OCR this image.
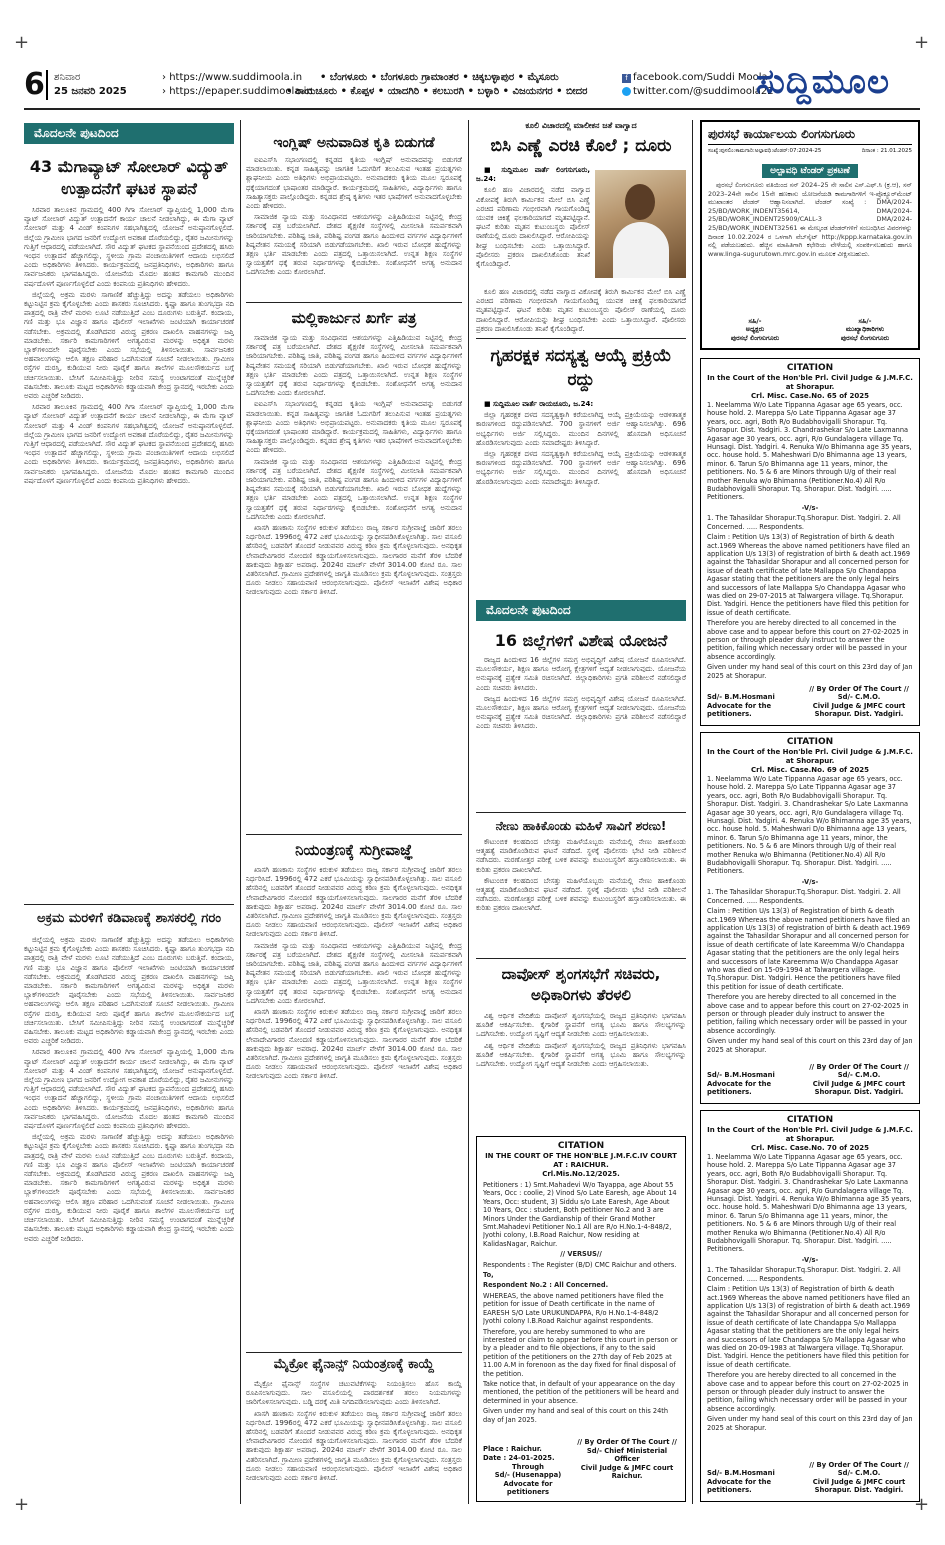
+	+
+	+
6 ಶನಿವಾರ
25 ಜನವರಿ 2025
› https://www.suddimoola.in
› https://epaper.suddimoola.in
• ಬೆಂಗಳೂರು • ಬೆಂಗಳೂರು ಗ್ರಾಮಾಂತರ • ಚಿಕ್ಕಬಳ್ಳಾಪುರ • ಮೈಸೂರು
• ರಾಯಚೂರು • ಕೊಪ್ಪಳ • ಯಾದಗಿರಿ • ಕಲಬುರಗಿ • ಬಳ್ಳಾರಿ • ವಿಜಯನಗರ • ಬೀದರ
f facebook.com/Suddi Moola
twitter.com/@suddimoola22
ಸುದ್ದಿಮೂಲ
ಮೊದಲನೇ ಪುಟದಿಂದ
43 ಮೆಗಾವ್ಯಾಟ್ ಸೋಲಾರ್ ವಿದ್ಯುತ್ ಉತ್ಪಾದನೆಗೆ ಘಟಕ ಸ್ಥಾಪನೆ

ಸಿರವಾರ ತಾಲೂಕಿನ ಗ್ರಾಮದಲ್ಲಿ 400 ಗಿಗಾ ಸೋಲಾರ್ ವ್ಯಾಪ್ತಿಯಲ್ಲಿ 1,000 ಮೆಗಾ ವ್ಯಾಟ್ ಸೋಲಾರ್ ವಿದ್ಯುತ್ ಉತ್ಪಾದನೆಗೆ ಕಾರ್ಯ ಚಾಲನೆ ನೀಡಲಾಗಿದ್ದು, ಈ ಮೆಗಾ ವ್ಯಾಟ್ ಸೋಲಾರ್ ಮತ್ತು 4 ವಿಂಡ್ ಕಂಪನಿಗಳ ಸಹಭಾಗಿತ್ವದಲ್ಲಿ ಯೋಜನೆ ಅನುಷ್ಠಾನಗೊಳ್ಳಲಿದೆ. ಜಿಲ್ಲೆಯ ಗ್ರಾಮೀಣ ಭಾಗದ ಜನರಿಗೆ ಉದ್ಯೋಗ ಅವಕಾಶ ದೊರೆಯಲಿದ್ದು, ರೈತರ ಜಮೀನುಗಳನ್ನು ಗುತ್ತಿಗೆ ಆಧಾರದಲ್ಲಿ ಪಡೆಯಲಾಗಿದೆ. ಸೌರ ವಿದ್ಯುತ್ ಘಟಕದ ಸ್ಥಾಪನೆಯಿಂದ ಪ್ರದೇಶದಲ್ಲಿ ಹಸಿರು ಇಂಧನ ಉತ್ಪಾದನೆ ಹೆಚ್ಚಾಗಲಿದ್ದು, ಸ್ಥಳೀಯ ಗ್ರಾಮ ಪಂಚಾಯಿತಿಗಳಿಗೆ ಆದಾಯ ಲಭಿಸಲಿದೆ ಎಂದು ಅಧಿಕಾರಿಗಳು ತಿಳಿಸಿದರು. ಕಾರ್ಯಕ್ರಮದಲ್ಲಿ ಜನಪ್ರತಿನಿಧಿಗಳು, ಅಧಿಕಾರಿಗಳು ಹಾಗೂ ಸಾರ್ವಜನಿಕರು ಭಾಗವಹಿಸಿದ್ದರು. ಯೋಜನೆಯ ಮೊದಲ ಹಂತದ ಕಾಮಗಾರಿ ಮುಂದಿನ ವರ್ಷದೊಳಗೆ ಪೂರ್ಣಗೊಳ್ಳಲಿದೆ ಎಂದು ಕಂಪನಿಯ ಪ್ರತಿನಿಧಿಗಳು ಹೇಳಿದರು.

ಜಿಲ್ಲೆಯಲ್ಲಿ ಅಕ್ರಮ ಮರಳು ಸಾಗಾಣಿಕೆ ಹೆಚ್ಚುತ್ತಿದ್ದು ಅದನ್ನು ತಡೆಯಲು ಅಧಿಕಾರಿಗಳು ಕಟ್ಟುನಿಟ್ಟಿನ ಕ್ರಮ ಕೈಗೊಳ್ಳಬೇಕು ಎಂದು ಶಾಸಕರು ಸೂಚಿಸಿದರು. ಕೃಷ್ಣಾ ಹಾಗೂ ತುಂಗಭದ್ರಾ ನದಿ ಪಾತ್ರದಲ್ಲಿ ರಾತ್ರಿ ವೇಳೆ ಮರಳು ಲೂಟಿ ನಡೆಯುತ್ತಿದೆ ಎಂಬ ದೂರುಗಳು ಬರುತ್ತಿವೆ. ಕಂದಾಯ, ಗಣಿ ಮತ್ತು ಭೂ ವಿಜ್ಞಾನ ಹಾಗೂ ಪೊಲೀಸ್ ಇಲಾಖೆಗಳು ಜಂಟಿಯಾಗಿ ಕಾರ್ಯಾಚರಣೆ ನಡೆಸಬೇಕು. ಅಕ್ರಮದಲ್ಲಿ ತೊಡಗಿದವರ ವಿರುದ್ಧ ಪ್ರಕರಣ ದಾಖಲಿಸಿ ವಾಹನಗಳನ್ನು ಜಪ್ತಿ ಮಾಡಬೇಕು. ಸರ್ಕಾರಿ ಕಾಮಗಾರಿಗಳಿಗೆ ಅಗತ್ಯವಿರುವ ಮರಳನ್ನು ಅಧಿಕೃತ ಮರಳು ಬ್ಲಾಕ್‌ಗಳಿಂದಲೇ ಪೂರೈಸಬೇಕು ಎಂದು ಸಭೆಯಲ್ಲಿ ತಿಳಿಸಲಾಯಿತು. ಸಾರ್ವಜನಿಕರ ಅಹವಾಲುಗಳನ್ನು ಆಲಿಸಿ ತಕ್ಷಣ ಪರಿಹಾರ ಒದಗಿಸುವಂತೆ ಸೂಚನೆ ನೀಡಲಾಯಿತು. ಗ್ರಾಮೀಣ ರಸ್ತೆಗಳ ದುರಸ್ತಿ, ಕುಡಿಯುವ ನೀರು ಪೂರೈಕೆ ಹಾಗೂ ಶಾಲೆಗಳ ಮೂಲಸೌಕರ್ಯದ ಬಗ್ಗೆ ಚರ್ಚಿಸಲಾಯಿತು. ಬೇಸಿಗೆ ಸಮೀಪಿಸುತ್ತಿದ್ದು ನೀರಿನ ಸಮಸ್ಯೆ ಉಂಟಾಗದಂತೆ ಮುನ್ನೆಚ್ಚರಿಕೆ ವಹಿಸಬೇಕು. ತಾಲೂಕು ಮಟ್ಟದ ಅಧಿಕಾರಿಗಳು ಕಡ್ಡಾಯವಾಗಿ ಕೇಂದ್ರ ಸ್ಥಾನದಲ್ಲಿ ಇರಬೇಕು ಎಂದು ಅವರು ಎಚ್ಚರಿಕೆ ನೀಡಿದರು.

ಸಿರವಾರ ತಾಲೂಕಿನ ಗ್ರಾಮದಲ್ಲಿ 400 ಗಿಗಾ ಸೋಲಾರ್ ವ್ಯಾಪ್ತಿಯಲ್ಲಿ 1,000 ಮೆಗಾ ವ್ಯಾಟ್ ಸೋಲಾರ್ ವಿದ್ಯುತ್ ಉತ್ಪಾದನೆಗೆ ಕಾರ್ಯ ಚಾಲನೆ ನೀಡಲಾಗಿದ್ದು, ಈ ಮೆಗಾ ವ್ಯಾಟ್ ಸೋಲಾರ್ ಮತ್ತು 4 ವಿಂಡ್ ಕಂಪನಿಗಳ ಸಹಭಾಗಿತ್ವದಲ್ಲಿ ಯೋಜನೆ ಅನುಷ್ಠಾನಗೊಳ್ಳಲಿದೆ. ಜಿಲ್ಲೆಯ ಗ್ರಾಮೀಣ ಭಾಗದ ಜನರಿಗೆ ಉದ್ಯೋಗ ಅವಕಾಶ ದೊರೆಯಲಿದ್ದು, ರೈತರ ಜಮೀನುಗಳನ್ನು ಗುತ್ತಿಗೆ ಆಧಾರದಲ್ಲಿ ಪಡೆಯಲಾಗಿದೆ. ಸೌರ ವಿದ್ಯುತ್ ಘಟಕದ ಸ್ಥಾಪನೆಯಿಂದ ಪ್ರದೇಶದಲ್ಲಿ ಹಸಿರು ಇಂಧನ ಉತ್ಪಾದನೆ ಹೆಚ್ಚಾಗಲಿದ್ದು, ಸ್ಥಳೀಯ ಗ್ರಾಮ ಪಂಚಾಯಿತಿಗಳಿಗೆ ಆದಾಯ ಲಭಿಸಲಿದೆ ಎಂದು ಅಧಿಕಾರಿಗಳು ತಿಳಿಸಿದರು. ಕಾರ್ಯಕ್ರಮದಲ್ಲಿ ಜನಪ್ರತಿನಿಧಿಗಳು, ಅಧಿಕಾರಿಗಳು ಹಾಗೂ ಸಾರ್ವಜನಿಕರು ಭಾಗವಹಿಸಿದ್ದರು. ಯೋಜನೆಯ ಮೊದಲ ಹಂತದ ಕಾಮಗಾರಿ ಮುಂದಿನ ವರ್ಷದೊಳಗೆ ಪೂರ್ಣಗೊಳ್ಳಲಿದೆ ಎಂದು ಕಂಪನಿಯ ಪ್ರತಿನಿಧಿಗಳು ಹೇಳಿದರು.

ಅಕ್ರಮ ಮರಳಿಗೆ ಕಡಿವಾಣಕ್ಕೆ ಶಾಸಕರಲ್ಲಿ ಗರಂ

ಜಿಲ್ಲೆಯಲ್ಲಿ ಅಕ್ರಮ ಮರಳು ಸಾಗಾಣಿಕೆ ಹೆಚ್ಚುತ್ತಿದ್ದು ಅದನ್ನು ತಡೆಯಲು ಅಧಿಕಾರಿಗಳು ಕಟ್ಟುನಿಟ್ಟಿನ ಕ್ರಮ ಕೈಗೊಳ್ಳಬೇಕು ಎಂದು ಶಾಸಕರು ಸೂಚಿಸಿದರು. ಕೃಷ್ಣಾ ಹಾಗೂ ತುಂಗಭದ್ರಾ ನದಿ ಪಾತ್ರದಲ್ಲಿ ರಾತ್ರಿ ವೇಳೆ ಮರಳು ಲೂಟಿ ನಡೆಯುತ್ತಿದೆ ಎಂಬ ದೂರುಗಳು ಬರುತ್ತಿವೆ. ಕಂದಾಯ, ಗಣಿ ಮತ್ತು ಭೂ ವಿಜ್ಞಾನ ಹಾಗೂ ಪೊಲೀಸ್ ಇಲಾಖೆಗಳು ಜಂಟಿಯಾಗಿ ಕಾರ್ಯಾಚರಣೆ ನಡೆಸಬೇಕು. ಅಕ್ರಮದಲ್ಲಿ ತೊಡಗಿದವರ ವಿರುದ್ಧ ಪ್ರಕರಣ ದಾಖಲಿಸಿ ವಾಹನಗಳನ್ನು ಜಪ್ತಿ ಮಾಡಬೇಕು. ಸರ್ಕಾರಿ ಕಾಮಗಾರಿಗಳಿಗೆ ಅಗತ್ಯವಿರುವ ಮರಳನ್ನು ಅಧಿಕೃತ ಮರಳು ಬ್ಲಾಕ್‌ಗಳಿಂದಲೇ ಪೂರೈಸಬೇಕು ಎಂದು ಸಭೆಯಲ್ಲಿ ತಿಳಿಸಲಾಯಿತು. ಸಾರ್ವಜನಿಕರ ಅಹವಾಲುಗಳನ್ನು ಆಲಿಸಿ ತಕ್ಷಣ ಪರಿಹಾರ ಒದಗಿಸುವಂತೆ ಸೂಚನೆ ನೀಡಲಾಯಿತು. ಗ್ರಾಮೀಣ ರಸ್ತೆಗಳ ದುರಸ್ತಿ, ಕುಡಿಯುವ ನೀರು ಪೂರೈಕೆ ಹಾಗೂ ಶಾಲೆಗಳ ಮೂಲಸೌಕರ್ಯದ ಬಗ್ಗೆ ಚರ್ಚಿಸಲಾಯಿತು. ಬೇಸಿಗೆ ಸಮೀಪಿಸುತ್ತಿದ್ದು ನೀರಿನ ಸಮಸ್ಯೆ ಉಂಟಾಗದಂತೆ ಮುನ್ನೆಚ್ಚರಿಕೆ ವಹಿಸಬೇಕು. ತಾಲೂಕು ಮಟ್ಟದ ಅಧಿಕಾರಿಗಳು ಕಡ್ಡಾಯವಾಗಿ ಕೇಂದ್ರ ಸ್ಥಾನದಲ್ಲಿ ಇರಬೇಕು ಎಂದು ಅವರು ಎಚ್ಚರಿಕೆ ನೀಡಿದರು.

ಸಿರವಾರ ತಾಲೂಕಿನ ಗ್ರಾಮದಲ್ಲಿ 400 ಗಿಗಾ ಸೋಲಾರ್ ವ್ಯಾಪ್ತಿಯಲ್ಲಿ 1,000 ಮೆಗಾ ವ್ಯಾಟ್ ಸೋಲಾರ್ ವಿದ್ಯುತ್ ಉತ್ಪಾದನೆಗೆ ಕಾರ್ಯ ಚಾಲನೆ ನೀಡಲಾಗಿದ್ದು, ಈ ಮೆಗಾ ವ್ಯಾಟ್ ಸೋಲಾರ್ ಮತ್ತು 4 ವಿಂಡ್ ಕಂಪನಿಗಳ ಸಹಭಾಗಿತ್ವದಲ್ಲಿ ಯೋಜನೆ ಅನುಷ್ಠಾನಗೊಳ್ಳಲಿದೆ. ಜಿಲ್ಲೆಯ ಗ್ರಾಮೀಣ ಭಾಗದ ಜನರಿಗೆ ಉದ್ಯೋಗ ಅವಕಾಶ ದೊರೆಯಲಿದ್ದು, ರೈತರ ಜಮೀನುಗಳನ್ನು ಗುತ್ತಿಗೆ ಆಧಾರದಲ್ಲಿ ಪಡೆಯಲಾಗಿದೆ. ಸೌರ ವಿದ್ಯುತ್ ಘಟಕದ ಸ್ಥಾಪನೆಯಿಂದ ಪ್ರದೇಶದಲ್ಲಿ ಹಸಿರು ಇಂಧನ ಉತ್ಪಾದನೆ ಹೆಚ್ಚಾಗಲಿದ್ದು, ಸ್ಥಳೀಯ ಗ್ರಾಮ ಪಂಚಾಯಿತಿಗಳಿಗೆ ಆದಾಯ ಲಭಿಸಲಿದೆ ಎಂದು ಅಧಿಕಾರಿಗಳು ತಿಳಿಸಿದರು. ಕಾರ್ಯಕ್ರಮದಲ್ಲಿ ಜನಪ್ರತಿನಿಧಿಗಳು, ಅಧಿಕಾರಿಗಳು ಹಾಗೂ ಸಾರ್ವಜನಿಕರು ಭಾಗವಹಿಸಿದ್ದರು. ಯೋಜನೆಯ ಮೊದಲ ಹಂತದ ಕಾಮಗಾರಿ ಮುಂದಿನ ವರ್ಷದೊಳಗೆ ಪೂರ್ಣಗೊಳ್ಳಲಿದೆ ಎಂದು ಕಂಪನಿಯ ಪ್ರತಿನಿಧಿಗಳು ಹೇಳಿದರು.

ಜಿಲ್ಲೆಯಲ್ಲಿ ಅಕ್ರಮ ಮರಳು ಸಾಗಾಣಿಕೆ ಹೆಚ್ಚುತ್ತಿದ್ದು ಅದನ್ನು ತಡೆಯಲು ಅಧಿಕಾರಿಗಳು ಕಟ್ಟುನಿಟ್ಟಿನ ಕ್ರಮ ಕೈಗೊಳ್ಳಬೇಕು ಎಂದು ಶಾಸಕರು ಸೂಚಿಸಿದರು. ಕೃಷ್ಣಾ ಹಾಗೂ ತುಂಗಭದ್ರಾ ನದಿ ಪಾತ್ರದಲ್ಲಿ ರಾತ್ರಿ ವೇಳೆ ಮರಳು ಲೂಟಿ ನಡೆಯುತ್ತಿದೆ ಎಂಬ ದೂರುಗಳು ಬರುತ್ತಿವೆ. ಕಂದಾಯ, ಗಣಿ ಮತ್ತು ಭೂ ವಿಜ್ಞಾನ ಹಾಗೂ ಪೊಲೀಸ್ ಇಲಾಖೆಗಳು ಜಂಟಿಯಾಗಿ ಕಾರ್ಯಾಚರಣೆ ನಡೆಸಬೇಕು. ಅಕ್ರಮದಲ್ಲಿ ತೊಡಗಿದವರ ವಿರುದ್ಧ ಪ್ರಕರಣ ದಾಖಲಿಸಿ ವಾಹನಗಳನ್ನು ಜಪ್ತಿ ಮಾಡಬೇಕು. ಸರ್ಕಾರಿ ಕಾಮಗಾರಿಗಳಿಗೆ ಅಗತ್ಯವಿರುವ ಮರಳನ್ನು ಅಧಿಕೃತ ಮರಳು ಬ್ಲಾಕ್‌ಗಳಿಂದಲೇ ಪೂರೈಸಬೇಕು ಎಂದು ಸಭೆಯಲ್ಲಿ ತಿಳಿಸಲಾಯಿತು. ಸಾರ್ವಜನಿಕರ ಅಹವಾಲುಗಳನ್ನು ಆಲಿಸಿ ತಕ್ಷಣ ಪರಿಹಾರ ಒದಗಿಸುವಂತೆ ಸೂಚನೆ ನೀಡಲಾಯಿತು. ಗ್ರಾಮೀಣ ರಸ್ತೆಗಳ ದುರಸ್ತಿ, ಕುಡಿಯುವ ನೀರು ಪೂರೈಕೆ ಹಾಗೂ ಶಾಲೆಗಳ ಮೂಲಸೌಕರ್ಯದ ಬಗ್ಗೆ ಚರ್ಚಿಸಲಾಯಿತು. ಬೇಸಿಗೆ ಸಮೀಪಿಸುತ್ತಿದ್ದು ನೀರಿನ ಸಮಸ್ಯೆ ಉಂಟಾಗದಂತೆ ಮುನ್ನೆಚ್ಚರಿಕೆ ವಹಿಸಬೇಕು. ತಾಲೂಕು ಮಟ್ಟದ ಅಧಿಕಾರಿಗಳು ಕಡ್ಡಾಯವಾಗಿ ಕೇಂದ್ರ ಸ್ಥಾನದಲ್ಲಿ ಇರಬೇಕು ಎಂದು ಅವರು ಎಚ್ಚರಿಕೆ ನೀಡಿದರು.

ಇಂಗ್ಲಿಷ್ ಅನುವಾದಿತ ಕೃತಿ ಬಿಡುಗಡೆ

ಐಐಎಸ್‌ಸಿ ಸಭಾಂಗಣದಲ್ಲಿ ಕನ್ನಡದ ಕೃತಿಯ ಇಂಗ್ಲಿಷ್ ಅನುವಾದವನ್ನು ಬಿಡುಗಡೆ ಮಾಡಲಾಯಿತು. ಕನ್ನಡ ಸಾಹಿತ್ಯವನ್ನು ಜಾಗತಿಕ ಓದುಗರಿಗೆ ತಲುಪಿಸುವ ಇಂತಹ ಪ್ರಯತ್ನಗಳು ಶ್ಲಾಘನೀಯ ಎಂದು ಅತಿಥಿಗಳು ಅಭಿಪ್ರಾಯಪಟ್ಟರು. ಅನುವಾದಕರು ಕೃತಿಯ ಮೂಲ ಸ್ವರೂಪಕ್ಕೆ ಧಕ್ಕೆಯಾಗದಂತೆ ಭಾಷಾಂತರ ಮಾಡಿದ್ದಾರೆ. ಕಾರ್ಯಕ್ರಮದಲ್ಲಿ ಸಾಹಿತಿಗಳು, ವಿದ್ಯಾರ್ಥಿಗಳು ಹಾಗೂ ಸಾಹಿತ್ಯಾಸಕ್ತರು ಪಾಲ್ಗೊಂಡಿದ್ದರು. ಕನ್ನಡದ ಶ್ರೇಷ್ಠ ಕೃತಿಗಳು ಇತರ ಭಾಷೆಗಳಿಗೆ ಅನುವಾದಗೊಳ್ಳಬೇಕು ಎಂದು ಹೇಳಿದರು.

ಸಾಮಾಜಿಕ ನ್ಯಾಯ ಮತ್ತು ಸಂವಿಧಾನದ ಆಶಯಗಳನ್ನು ಎತ್ತಿಹಿಡಿಯುವ ನಿಟ್ಟಿನಲ್ಲಿ ಕೇಂದ್ರ ಸರ್ಕಾರಕ್ಕೆ ಪತ್ರ ಬರೆಯಲಾಗಿದೆ. ದೇಶದ ಶೈಕ್ಷಣಿಕ ಸಂಸ್ಥೆಗಳಲ್ಲಿ ಮೀಸಲಾತಿ ಸಮರ್ಪಕವಾಗಿ ಜಾರಿಯಾಗಬೇಕು. ಪರಿಶಿಷ್ಟ ಜಾತಿ, ಪರಿಶಿಷ್ಟ ಪಂಗಡ ಹಾಗೂ ಹಿಂದುಳಿದ ವರ್ಗಗಳ ವಿದ್ಯಾರ್ಥಿಗಳಿಗೆ ಶಿಷ್ಯವೇತನ ಸಮಯಕ್ಕೆ ಸರಿಯಾಗಿ ಬಿಡುಗಡೆಯಾಗಬೇಕು. ಖಾಲಿ ಇರುವ ಬೋಧಕ ಹುದ್ದೆಗಳನ್ನು ತಕ್ಷಣ ಭರ್ತಿ ಮಾಡಬೇಕು ಎಂದು ಪತ್ರದಲ್ಲಿ ಒತ್ತಾಯಿಸಲಾಗಿದೆ. ಉನ್ನತ ಶಿಕ್ಷಣ ಸಂಸ್ಥೆಗಳ ಸ್ವಾಯತ್ತತೆಗೆ ಧಕ್ಕೆ ತರುವ ನಿರ್ಧಾರಗಳನ್ನು ಕೈಬಿಡಬೇಕು. ಸಂಶೋಧನೆಗೆ ಅಗತ್ಯ ಅನುದಾನ ಒದಗಿಸಬೇಕು ಎಂದು ಕೋರಲಾಗಿದೆ.

ಮಲ್ಲಿಕಾರ್ಜುನ ಖರ್ಗೆ ಪತ್ರ

ಸಾಮಾಜಿಕ ನ್ಯಾಯ ಮತ್ತು ಸಂವಿಧಾನದ ಆಶಯಗಳನ್ನು ಎತ್ತಿಹಿಡಿಯುವ ನಿಟ್ಟಿನಲ್ಲಿ ಕೇಂದ್ರ ಸರ್ಕಾರಕ್ಕೆ ಪತ್ರ ಬರೆಯಲಾಗಿದೆ. ದೇಶದ ಶೈಕ್ಷಣಿಕ ಸಂಸ್ಥೆಗಳಲ್ಲಿ ಮೀಸಲಾತಿ ಸಮರ್ಪಕವಾಗಿ ಜಾರಿಯಾಗಬೇಕು. ಪರಿಶಿಷ್ಟ ಜಾತಿ, ಪರಿಶಿಷ್ಟ ಪಂಗಡ ಹಾಗೂ ಹಿಂದುಳಿದ ವರ್ಗಗಳ ವಿದ್ಯಾರ್ಥಿಗಳಿಗೆ ಶಿಷ್ಯವೇತನ ಸಮಯಕ್ಕೆ ಸರಿಯಾಗಿ ಬಿಡುಗಡೆಯಾಗಬೇಕು. ಖಾಲಿ ಇರುವ ಬೋಧಕ ಹುದ್ದೆಗಳನ್ನು ತಕ್ಷಣ ಭರ್ತಿ ಮಾಡಬೇಕು ಎಂದು ಪತ್ರದಲ್ಲಿ ಒತ್ತಾಯಿಸಲಾಗಿದೆ. ಉನ್ನತ ಶಿಕ್ಷಣ ಸಂಸ್ಥೆಗಳ ಸ್ವಾಯತ್ತತೆಗೆ ಧಕ್ಕೆ ತರುವ ನಿರ್ಧಾರಗಳನ್ನು ಕೈಬಿಡಬೇಕು. ಸಂಶೋಧನೆಗೆ ಅಗತ್ಯ ಅನುದಾನ ಒದಗಿಸಬೇಕು ಎಂದು ಕೋರಲಾಗಿದೆ.

ಐಐಎಸ್‌ಸಿ ಸಭಾಂಗಣದಲ್ಲಿ ಕನ್ನಡದ ಕೃತಿಯ ಇಂಗ್ಲಿಷ್ ಅನುವಾದವನ್ನು ಬಿಡುಗಡೆ ಮಾಡಲಾಯಿತು. ಕನ್ನಡ ಸಾಹಿತ್ಯವನ್ನು ಜಾಗತಿಕ ಓದುಗರಿಗೆ ತಲುಪಿಸುವ ಇಂತಹ ಪ್ರಯತ್ನಗಳು ಶ್ಲಾಘನೀಯ ಎಂದು ಅತಿಥಿಗಳು ಅಭಿಪ್ರಾಯಪಟ್ಟರು. ಅನುವಾದಕರು ಕೃತಿಯ ಮೂಲ ಸ್ವರೂಪಕ್ಕೆ ಧಕ್ಕೆಯಾಗದಂತೆ ಭಾಷಾಂತರ ಮಾಡಿದ್ದಾರೆ. ಕಾರ್ಯಕ್ರಮದಲ್ಲಿ ಸಾಹಿತಿಗಳು, ವಿದ್ಯಾರ್ಥಿಗಳು ಹಾಗೂ ಸಾಹಿತ್ಯಾಸಕ್ತರು ಪಾಲ್ಗೊಂಡಿದ್ದರು. ಕನ್ನಡದ ಶ್ರೇಷ್ಠ ಕೃತಿಗಳು ಇತರ ಭಾಷೆಗಳಿಗೆ ಅನುವಾದಗೊಳ್ಳಬೇಕು ಎಂದು ಹೇಳಿದರು.

ಸಾಮಾಜಿಕ ನ್ಯಾಯ ಮತ್ತು ಸಂವಿಧಾನದ ಆಶಯಗಳನ್ನು ಎತ್ತಿಹಿಡಿಯುವ ನಿಟ್ಟಿನಲ್ಲಿ ಕೇಂದ್ರ ಸರ್ಕಾರಕ್ಕೆ ಪತ್ರ ಬರೆಯಲಾಗಿದೆ. ದೇಶದ ಶೈಕ್ಷಣಿಕ ಸಂಸ್ಥೆಗಳಲ್ಲಿ ಮೀಸಲಾತಿ ಸಮರ್ಪಕವಾಗಿ ಜಾರಿಯಾಗಬೇಕು. ಪರಿಶಿಷ್ಟ ಜಾತಿ, ಪರಿಶಿಷ್ಟ ಪಂಗಡ ಹಾಗೂ ಹಿಂದುಳಿದ ವರ್ಗಗಳ ವಿದ್ಯಾರ್ಥಿಗಳಿಗೆ ಶಿಷ್ಯವೇತನ ಸಮಯಕ್ಕೆ ಸರಿಯಾಗಿ ಬಿಡುಗಡೆಯಾಗಬೇಕು. ಖಾಲಿ ಇರುವ ಬೋಧಕ ಹುದ್ದೆಗಳನ್ನು ತಕ್ಷಣ ಭರ್ತಿ ಮಾಡಬೇಕು ಎಂದು ಪತ್ರದಲ್ಲಿ ಒತ್ತಾಯಿಸಲಾಗಿದೆ. ಉನ್ನತ ಶಿಕ್ಷಣ ಸಂಸ್ಥೆಗಳ ಸ್ವಾಯತ್ತತೆಗೆ ಧಕ್ಕೆ ತರುವ ನಿರ್ಧಾರಗಳನ್ನು ಕೈಬಿಡಬೇಕು. ಸಂಶೋಧನೆಗೆ ಅಗತ್ಯ ಅನುದಾನ ಒದಗಿಸಬೇಕು ಎಂದು ಕೋರಲಾಗಿದೆ.

ಖಾಸಗಿ ಹಣಕಾಸು ಸಂಸ್ಥೆಗಳ ಕಿರುಕುಳ ತಡೆಯಲು ರಾಜ್ಯ ಸರ್ಕಾರ ಸುಗ್ರೀವಾಜ್ಞೆ ಜಾರಿಗೆ ತರಲು ನಿರ್ಧರಿಸಿದೆ. 1996ರಲ್ಲಿ 472 ಎಕರೆ ಭೂಮಿಯನ್ನು ಸ್ವಾಧೀನಪಡಿಸಿಕೊಳ್ಳಲಾಗಿತ್ತು. ಸಾಲ ವಸೂಲಿ ಹೆಸರಿನಲ್ಲಿ ಬಡವರಿಗೆ ತೊಂದರೆ ನೀಡುವವರ ವಿರುದ್ಧ ಕಠಿಣ ಕ್ರಮ ಕೈಗೊಳ್ಳಲಾಗುವುದು. ಅನಧಿಕೃತ ಲೇವಾದೇವಿಗಾರರ ನೋಂದಣಿ ಕಡ್ಡಾಯಗೊಳಿಸಲಾಗುವುದು. ಸಾಲಗಾರರ ಮನೆಗೆ ತೆರಳಿ ಬೆದರಿಕೆ ಹಾಕುವುದು ಶಿಕ್ಷಾರ್ಹ ಅಪರಾಧ. 2024ರ ಮಾರ್ಚ್ ವೇಳೆಗೆ 3014.00 ಕೋಟಿ ರೂ. ಸಾಲ ವಿತರಿಸಲಾಗಿದೆ. ಗ್ರಾಮೀಣ ಪ್ರದೇಶಗಳಲ್ಲಿ ಜಾಗೃತಿ ಮೂಡಿಸಲು ಕ್ರಮ ಕೈಗೊಳ್ಳಲಾಗುವುದು. ಸಂತ್ರಸ್ತರು ದೂರು ನೀಡಲು ಸಹಾಯವಾಣಿ ಆರಂಭಿಸಲಾಗುವುದು. ಪೊಲೀಸ್ ಇಲಾಖೆಗೆ ವಿಶೇಷ ಅಧಿಕಾರ ನೀಡಲಾಗುವುದು ಎಂದು ಸರ್ಕಾರ ತಿಳಿಸಿದೆ.

ನಿಯಂತ್ರಣಕ್ಕೆ ಸುಗ್ರೀವಾಜ್ಞೆ

ಖಾಸಗಿ ಹಣಕಾಸು ಸಂಸ್ಥೆಗಳ ಕಿರುಕುಳ ತಡೆಯಲು ರಾಜ್ಯ ಸರ್ಕಾರ ಸುಗ್ರೀವಾಜ್ಞೆ ಜಾರಿಗೆ ತರಲು ನಿರ್ಧರಿಸಿದೆ. 1996ರಲ್ಲಿ 472 ಎಕರೆ ಭೂಮಿಯನ್ನು ಸ್ವಾಧೀನಪಡಿಸಿಕೊಳ್ಳಲಾಗಿತ್ತು. ಸಾಲ ವಸೂಲಿ ಹೆಸರಿನಲ್ಲಿ ಬಡವರಿಗೆ ತೊಂದರೆ ನೀಡುವವರ ವಿರುದ್ಧ ಕಠಿಣ ಕ್ರಮ ಕೈಗೊಳ್ಳಲಾಗುವುದು. ಅನಧಿಕೃತ ಲೇವಾದೇವಿಗಾರರ ನೋಂದಣಿ ಕಡ್ಡಾಯಗೊಳಿಸಲಾಗುವುದು. ಸಾಲಗಾರರ ಮನೆಗೆ ತೆರಳಿ ಬೆದರಿಕೆ ಹಾಕುವುದು ಶಿಕ್ಷಾರ್ಹ ಅಪರಾಧ. 2024ರ ಮಾರ್ಚ್ ವೇಳೆಗೆ 3014.00 ಕೋಟಿ ರೂ. ಸಾಲ ವಿತರಿಸಲಾಗಿದೆ. ಗ್ರಾಮೀಣ ಪ್ರದೇಶಗಳಲ್ಲಿ ಜಾಗೃತಿ ಮೂಡಿಸಲು ಕ್ರಮ ಕೈಗೊಳ್ಳಲಾಗುವುದು. ಸಂತ್ರಸ್ತರು ದೂರು ನೀಡಲು ಸಹಾಯವಾಣಿ ಆರಂಭಿಸಲಾಗುವುದು. ಪೊಲೀಸ್ ಇಲಾಖೆಗೆ ವಿಶೇಷ ಅಧಿಕಾರ ನೀಡಲಾಗುವುದು ಎಂದು ಸರ್ಕಾರ ತಿಳಿಸಿದೆ.

ಸಾಮಾಜಿಕ ನ್ಯಾಯ ಮತ್ತು ಸಂವಿಧಾನದ ಆಶಯಗಳನ್ನು ಎತ್ತಿಹಿಡಿಯುವ ನಿಟ್ಟಿನಲ್ಲಿ ಕೇಂದ್ರ ಸರ್ಕಾರಕ್ಕೆ ಪತ್ರ ಬರೆಯಲಾಗಿದೆ. ದೇಶದ ಶೈಕ್ಷಣಿಕ ಸಂಸ್ಥೆಗಳಲ್ಲಿ ಮೀಸಲಾತಿ ಸಮರ್ಪಕವಾಗಿ ಜಾರಿಯಾಗಬೇಕು. ಪರಿಶಿಷ್ಟ ಜಾತಿ, ಪರಿಶಿಷ್ಟ ಪಂಗಡ ಹಾಗೂ ಹಿಂದುಳಿದ ವರ್ಗಗಳ ವಿದ್ಯಾರ್ಥಿಗಳಿಗೆ ಶಿಷ್ಯವೇತನ ಸಮಯಕ್ಕೆ ಸರಿಯಾಗಿ ಬಿಡುಗಡೆಯಾಗಬೇಕು. ಖಾಲಿ ಇರುವ ಬೋಧಕ ಹುದ್ದೆಗಳನ್ನು ತಕ್ಷಣ ಭರ್ತಿ ಮಾಡಬೇಕು ಎಂದು ಪತ್ರದಲ್ಲಿ ಒತ್ತಾಯಿಸಲಾಗಿದೆ. ಉನ್ನತ ಶಿಕ್ಷಣ ಸಂಸ್ಥೆಗಳ ಸ್ವಾಯತ್ತತೆಗೆ ಧಕ್ಕೆ ತರುವ ನಿರ್ಧಾರಗಳನ್ನು ಕೈಬಿಡಬೇಕು. ಸಂಶೋಧನೆಗೆ ಅಗತ್ಯ ಅನುದಾನ ಒದಗಿಸಬೇಕು ಎಂದು ಕೋರಲಾಗಿದೆ.

ಖಾಸಗಿ ಹಣಕಾಸು ಸಂಸ್ಥೆಗಳ ಕಿರುಕುಳ ತಡೆಯಲು ರಾಜ್ಯ ಸರ್ಕಾರ ಸುಗ್ರೀವಾಜ್ಞೆ ಜಾರಿಗೆ ತರಲು ನಿರ್ಧರಿಸಿದೆ. 1996ರಲ್ಲಿ 472 ಎಕರೆ ಭೂಮಿಯನ್ನು ಸ್ವಾಧೀನಪಡಿಸಿಕೊಳ್ಳಲಾಗಿತ್ತು. ಸಾಲ ವಸೂಲಿ ಹೆಸರಿನಲ್ಲಿ ಬಡವರಿಗೆ ತೊಂದರೆ ನೀಡುವವರ ವಿರುದ್ಧ ಕಠಿಣ ಕ್ರಮ ಕೈಗೊಳ್ಳಲಾಗುವುದು. ಅನಧಿಕೃತ ಲೇವಾದೇವಿಗಾರರ ನೋಂದಣಿ ಕಡ್ಡಾಯಗೊಳಿಸಲಾಗುವುದು. ಸಾಲಗಾರರ ಮನೆಗೆ ತೆರಳಿ ಬೆದರಿಕೆ ಹಾಕುವುದು ಶಿಕ್ಷಾರ್ಹ ಅಪರಾಧ. 2024ರ ಮಾರ್ಚ್ ವೇಳೆಗೆ 3014.00 ಕೋಟಿ ರೂ. ಸಾಲ ವಿತರಿಸಲಾಗಿದೆ. ಗ್ರಾಮೀಣ ಪ್ರದೇಶಗಳಲ್ಲಿ ಜಾಗೃತಿ ಮೂಡಿಸಲು ಕ್ರಮ ಕೈಗೊಳ್ಳಲಾಗುವುದು. ಸಂತ್ರಸ್ತರು ದೂರು ನೀಡಲು ಸಹಾಯವಾಣಿ ಆರಂಭಿಸಲಾಗುವುದು. ಪೊಲೀಸ್ ಇಲಾಖೆಗೆ ವಿಶೇಷ ಅಧಿಕಾರ ನೀಡಲಾಗುವುದು ಎಂದು ಸರ್ಕಾರ ತಿಳಿಸಿದೆ.

ಮೈಕ್ರೋ ಫೈನಾನ್ಸ್ ನಿಯಂತ್ರಣಕ್ಕೆ ಕಾಯ್ದೆ

ಮೈಕ್ರೋ ಫೈನಾನ್ಸ್ ಸಂಸ್ಥೆಗಳ ಚಟುವಟಿಕೆಗಳನ್ನು ನಿಯಂತ್ರಿಸಲು ಹೊಸ ಕಾಯ್ದೆ ರೂಪಿಸಲಾಗುವುದು. ಸಾಲ ವಸೂಲಿಯಲ್ಲಿ ಪಾರದರ್ಶಕತೆ ತರಲು ನಿಯಮಗಳನ್ನು ಜಾರಿಗೊಳಿಸಲಾಗುವುದು. ಬಡ್ಡಿ ದರಕ್ಕೆ ಮಿತಿ ನಿಗದಿಪಡಿಸಲಾಗುವುದು ಎಂದು ತಿಳಿಸಲಾಗಿದೆ.

ಖಾಸಗಿ ಹಣಕಾಸು ಸಂಸ್ಥೆಗಳ ಕಿರುಕುಳ ತಡೆಯಲು ರಾಜ್ಯ ಸರ್ಕಾರ ಸುಗ್ರೀವಾಜ್ಞೆ ಜಾರಿಗೆ ತರಲು ನಿರ್ಧರಿಸಿದೆ. 1996ರಲ್ಲಿ 472 ಎಕರೆ ಭೂಮಿಯನ್ನು ಸ್ವಾಧೀನಪಡಿಸಿಕೊಳ್ಳಲಾಗಿತ್ತು. ಸಾಲ ವಸೂಲಿ ಹೆಸರಿನಲ್ಲಿ ಬಡವರಿಗೆ ತೊಂದರೆ ನೀಡುವವರ ವಿರುದ್ಧ ಕಠಿಣ ಕ್ರಮ ಕೈಗೊಳ್ಳಲಾಗುವುದು. ಅನಧಿಕೃತ ಲೇವಾದೇವಿಗಾರರ ನೋಂದಣಿ ಕಡ್ಡಾಯಗೊಳಿಸಲಾಗುವುದು. ಸಾಲಗಾರರ ಮನೆಗೆ ತೆರಳಿ ಬೆದರಿಕೆ ಹಾಕುವುದು ಶಿಕ್ಷಾರ್ಹ ಅಪರಾಧ. 2024ರ ಮಾರ್ಚ್ ವೇಳೆಗೆ 3014.00 ಕೋಟಿ ರೂ. ಸಾಲ ವಿತರಿಸಲಾಗಿದೆ. ಗ್ರಾಮೀಣ ಪ್ರದೇಶಗಳಲ್ಲಿ ಜಾಗೃತಿ ಮೂಡಿಸಲು ಕ್ರಮ ಕೈಗೊಳ್ಳಲಾಗುವುದು. ಸಂತ್ರಸ್ತರು ದೂರು ನೀಡಲು ಸಹಾಯವಾಣಿ ಆರಂಭಿಸಲಾಗುವುದು. ಪೊಲೀಸ್ ಇಲಾಖೆಗೆ ವಿಶೇಷ ಅಧಿಕಾರ ನೀಡಲಾಗುವುದು ಎಂದು ಸರ್ಕಾರ ತಿಳಿಸಿದೆ.

ಕೂಲಿ ವಿಚಾರದಲ್ಲಿ ಮಾಲೀಕನ ಜತೆ ವಾಗ್ವಾದ
ಬಿಸಿ ಎಣ್ಣೆ ಎರಚಿ ಕೊಲೆ ; ದೂರು

■ ಸುದ್ದಿಮೂಲ ವಾರ್ತೆ ಲಿಂಗಸುಗೂರು, ಜ.24:

ಕೂಲಿ ಹಣ ವಿಚಾರದಲ್ಲಿ ನಡೆದ ವಾಗ್ವಾದ ವಿಕೋಪಕ್ಕೆ ತಿರುಗಿ ಕಾರ್ಮಿಕನ ಮೇಲೆ ಬಿಸಿ ಎಣ್ಣೆ ಎರಚಿದ ಪರಿಣಾಮ ಗಂಭೀರವಾಗಿ ಗಾಯಗೊಂಡಿದ್ದ ಯುವಕ ಚಿಕಿತ್ಸೆ ಫಲಕಾರಿಯಾಗದೆ ಮೃತಪಟ್ಟಿದ್ದಾನೆ. ಘಟನೆ ಕುರಿತು ಮೃತನ ಕುಟುಂಬಸ್ಥರು ಪೊಲೀಸ್ ಠಾಣೆಯಲ್ಲಿ ದೂರು ದಾಖಲಿಸಿದ್ದಾರೆ. ಆರೋಪಿಯನ್ನು ಶೀಘ್ರ ಬಂಧಿಸಬೇಕು ಎಂದು ಒತ್ತಾಯಿಸಿದ್ದಾರೆ. ಪೊಲೀಸರು ಪ್ರಕರಣ ದಾಖಲಿಸಿಕೊಂಡು ತನಿಖೆ ಕೈಗೊಂಡಿದ್ದಾರೆ.

ಕೂಲಿ ಹಣ ವಿಚಾರದಲ್ಲಿ ನಡೆದ ವಾಗ್ವಾದ ವಿಕೋಪಕ್ಕೆ ತಿರುಗಿ ಕಾರ್ಮಿಕನ ಮೇಲೆ ಬಿಸಿ ಎಣ್ಣೆ ಎರಚಿದ ಪರಿಣಾಮ ಗಂಭೀರವಾಗಿ ಗಾಯಗೊಂಡಿದ್ದ ಯುವಕ ಚಿಕಿತ್ಸೆ ಫಲಕಾರಿಯಾಗದೆ ಮೃತಪಟ್ಟಿದ್ದಾನೆ. ಘಟನೆ ಕುರಿತು ಮೃತನ ಕುಟುಂಬಸ್ಥರು ಪೊಲೀಸ್ ಠಾಣೆಯಲ್ಲಿ ದೂರು ದಾಖಲಿಸಿದ್ದಾರೆ. ಆರೋಪಿಯನ್ನು ಶೀಘ್ರ ಬಂಧಿಸಬೇಕು ಎಂದು ಒತ್ತಾಯಿಸಿದ್ದಾರೆ. ಪೊಲೀಸರು ಪ್ರಕರಣ ದಾಖಲಿಸಿಕೊಂಡು ತನಿಖೆ ಕೈಗೊಂಡಿದ್ದಾರೆ.

ಗೃಹರಕ್ಷಕ ಸದಸ್ಯತ್ವ ಆಯ್ಕೆ ಪ್ರಕ್ರಿಯೆ ರದ್ದು

■ ಸುದ್ದಿಮೂಲ ವಾರ್ತೆ ರಾಯಚೂರು, ಜ.24:

ಜಿಲ್ಲಾ ಗೃಹರಕ್ಷಕ ದಳದ ಸದಸ್ಯತ್ವಕ್ಕಾಗಿ ಕರೆಯಲಾಗಿದ್ದ ಆಯ್ಕೆ ಪ್ರಕ್ರಿಯೆಯನ್ನು ಆಡಳಿತಾತ್ಮಕ ಕಾರಣಗಳಿಂದ ರದ್ದುಪಡಿಸಲಾಗಿದೆ. 700 ಸ್ಥಾನಗಳಿಗೆ ಅರ್ಜಿ ಆಹ್ವಾನಿಸಲಾಗಿತ್ತು. 696 ಅಭ್ಯರ್ಥಿಗಳು ಅರ್ಜಿ ಸಲ್ಲಿಸಿದ್ದರು. ಮುಂದಿನ ದಿನಗಳಲ್ಲಿ ಹೊಸದಾಗಿ ಅಧಿಸೂಚನೆ ಹೊರಡಿಸಲಾಗುವುದು ಎಂದು ಸಮಾದೇಷ್ಟರು ತಿಳಿಸಿದ್ದಾರೆ.

ಜಿಲ್ಲಾ ಗೃಹರಕ್ಷಕ ದಳದ ಸದಸ್ಯತ್ವಕ್ಕಾಗಿ ಕರೆಯಲಾಗಿದ್ದ ಆಯ್ಕೆ ಪ್ರಕ್ರಿಯೆಯನ್ನು ಆಡಳಿತಾತ್ಮಕ ಕಾರಣಗಳಿಂದ ರದ್ದುಪಡಿಸಲಾಗಿದೆ. 700 ಸ್ಥಾನಗಳಿಗೆ ಅರ್ಜಿ ಆಹ್ವಾನಿಸಲಾಗಿತ್ತು. 696 ಅಭ್ಯರ್ಥಿಗಳು ಅರ್ಜಿ ಸಲ್ಲಿಸಿದ್ದರು. ಮುಂದಿನ ದಿನಗಳಲ್ಲಿ ಹೊಸದಾಗಿ ಅಧಿಸೂಚನೆ ಹೊರಡಿಸಲಾಗುವುದು ಎಂದು ಸಮಾದೇಷ್ಟರು ತಿಳಿಸಿದ್ದಾರೆ.

ಮೊದಲನೇ ಪುಟದಿಂದ
16 ಜಿಲ್ಲೆಗಳಿಗೆ ವಿಶೇಷ ಯೋಜನೆ

ರಾಜ್ಯದ ಹಿಂದುಳಿದ 16 ಜಿಲ್ಲೆಗಳ ಸಮಗ್ರ ಅಭಿವೃದ್ಧಿಗೆ ವಿಶೇಷ ಯೋಜನೆ ರೂಪಿಸಲಾಗಿದೆ. ಮೂಲಸೌಕರ್ಯ, ಶಿಕ್ಷಣ ಹಾಗೂ ಆರೋಗ್ಯ ಕ್ಷೇತ್ರಗಳಿಗೆ ಆದ್ಯತೆ ನೀಡಲಾಗುವುದು. ಯೋಜನೆಯ ಅನುಷ್ಠಾನಕ್ಕೆ ಪ್ರತ್ಯೇಕ ಸಮಿತಿ ರಚಿಸಲಾಗಿದೆ. ಜಿಲ್ಲಾಧಿಕಾರಿಗಳು ಪ್ರಗತಿ ಪರಿಶೀಲನೆ ನಡೆಸಲಿದ್ದಾರೆ ಎಂದು ಸಚಿವರು ತಿಳಿಸಿದರು.

ರಾಜ್ಯದ ಹಿಂದುಳಿದ 16 ಜಿಲ್ಲೆಗಳ ಸಮಗ್ರ ಅಭಿವೃದ್ಧಿಗೆ ವಿಶೇಷ ಯೋಜನೆ ರೂಪಿಸಲಾಗಿದೆ. ಮೂಲಸೌಕರ್ಯ, ಶಿಕ್ಷಣ ಹಾಗೂ ಆರೋಗ್ಯ ಕ್ಷೇತ್ರಗಳಿಗೆ ಆದ್ಯತೆ ನೀಡಲಾಗುವುದು. ಯೋಜನೆಯ ಅನುಷ್ಠಾನಕ್ಕೆ ಪ್ರತ್ಯೇಕ ಸಮಿತಿ ರಚಿಸಲಾಗಿದೆ. ಜಿಲ್ಲಾಧಿಕಾರಿಗಳು ಪ್ರಗತಿ ಪರಿಶೀಲನೆ ನಡೆಸಲಿದ್ದಾರೆ ಎಂದು ಸಚಿವರು ತಿಳಿಸಿದರು.

ನೇಣು ಹಾಕಿಕೊಂಡು ಮಹಿಳೆ ಸಾವಿಗೆ ಶರಣು!

ಕೌಟುಂಬಿಕ ಕಲಹದಿಂದ ಬೇಸತ್ತು ಮಹಿಳೆಯೊಬ್ಬರು ಮನೆಯಲ್ಲಿ ನೇಣು ಹಾಕಿಕೊಂಡು ಆತ್ಮಹತ್ಯೆ ಮಾಡಿಕೊಂಡಿರುವ ಘಟನೆ ನಡೆದಿದೆ. ಸ್ಥಳಕ್ಕೆ ಪೊಲೀಸರು ಭೇಟಿ ನೀಡಿ ಪರಿಶೀಲನೆ ನಡೆಸಿದರು. ಮರಣೋತ್ತರ ಪರೀಕ್ಷೆ ಬಳಿಕ ಶವವನ್ನು ಕುಟುಂಬಸ್ಥರಿಗೆ ಹಸ್ತಾಂತರಿಸಲಾಯಿತು. ಈ ಕುರಿತು ಪ್ರಕರಣ ದಾಖಲಾಗಿದೆ.

ಕೌಟುಂಬಿಕ ಕಲಹದಿಂದ ಬೇಸತ್ತು ಮಹಿಳೆಯೊಬ್ಬರು ಮನೆಯಲ್ಲಿ ನೇಣು ಹಾಕಿಕೊಂಡು ಆತ್ಮಹತ್ಯೆ ಮಾಡಿಕೊಂಡಿರುವ ಘಟನೆ ನಡೆದಿದೆ. ಸ್ಥಳಕ್ಕೆ ಪೊಲೀಸರು ಭೇಟಿ ನೀಡಿ ಪರಿಶೀಲನೆ ನಡೆಸಿದರು. ಮರಣೋತ್ತರ ಪರೀಕ್ಷೆ ಬಳಿಕ ಶವವನ್ನು ಕುಟುಂಬಸ್ಥರಿಗೆ ಹಸ್ತಾಂತರಿಸಲಾಯಿತು. ಈ ಕುರಿತು ಪ್ರಕರಣ ದಾಖಲಾಗಿದೆ.

ದಾವೋಸ್ ಶೃಂಗಸಭೆಗೆ ಸಚಿವರು, ಅಧಿಕಾರಿಗಳು ತೆರಳಲಿ

ವಿಶ್ವ ಆರ್ಥಿಕ ವೇದಿಕೆಯ ದಾವೋಸ್ ಶೃಂಗಸಭೆಯಲ್ಲಿ ರಾಜ್ಯದ ಪ್ರತಿನಿಧಿಗಳು ಭಾಗವಹಿಸಿ ಹೂಡಿಕೆ ಆಕರ್ಷಿಸಬೇಕು. ಕೈಗಾರಿಕೆ ಸ್ಥಾಪನೆಗೆ ಅಗತ್ಯ ಭೂಮಿ ಹಾಗೂ ಸೌಲಭ್ಯಗಳನ್ನು ಒದಗಿಸಬೇಕು. ಉದ್ಯೋಗ ಸೃಷ್ಟಿಗೆ ಆದ್ಯತೆ ನೀಡಬೇಕು ಎಂದು ಆಗ್ರಹಿಸಲಾಯಿತು.

ವಿಶ್ವ ಆರ್ಥಿಕ ವೇದಿಕೆಯ ದಾವೋಸ್ ಶೃಂಗಸಭೆಯಲ್ಲಿ ರಾಜ್ಯದ ಪ್ರತಿನಿಧಿಗಳು ಭಾಗವಹಿಸಿ ಹೂಡಿಕೆ ಆಕರ್ಷಿಸಬೇಕು. ಕೈಗಾರಿಕೆ ಸ್ಥಾಪನೆಗೆ ಅಗತ್ಯ ಭೂಮಿ ಹಾಗೂ ಸೌಲಭ್ಯಗಳನ್ನು ಒದಗಿಸಬೇಕು. ಉದ್ಯೋಗ ಸೃಷ್ಟಿಗೆ ಆದ್ಯತೆ ನೀಡಬೇಕು ಎಂದು ಆಗ್ರಹಿಸಲಾಯಿತು.

CITATION
IN THE COURT OF THE HON'BLE J.M.F.C.IV COURT
AT : RAICHUR.
Crl.Mis.No.12/2025.

Petitioners : 1) Smt.Mahadevi W/o Tayappa, age About 55 Years, Occ : coolie, 2) Vinod S/o Late Earesh, age About 14 Years, Occ: student, 3) Siddu s/o Late Earesh, Age About 10 Years, Occ : student, Both petitioner No.2 and 3 are Minors Under the Gardianship of their Grand Mother Smt.Mahadevi Petitioner No.1 All are R/o H.No.1-4-848/2, Jyothi colony, I.B.Road Raichur, Now residing at KalidasNagar, Raichur.

// VERSUS//

Respondents : The Register (B/D) CMC Raichur and others.

To,

Respondent No.2 : All Concerned.

WHEREAS, the above named petitioners have filed the petition for issue of Death certificate in the name of EARESH S/O Late URUKUNDAPPA, R/o H.No.1-4-848/2 Jyothi colony I.B.Road Raichur against respondents.

Therefore, you are hereby summoned to who are interested or claim to appear before this court in person or by a pleader and to file objections, if any to the said petition of the petitioners on the 27th day of Feb 2025 at 11.00 A.M in forenoon as the day fixed for final disposal of the petition.

Take notice that, in default of your appearance on the day mentioned, the petition of the petitioners will be heard and determined in your absence.

Given under my hand and seal of this court on this 24th day of Jan 2025.

Place : Raichur.
Date : 24-01-2025.
Through
Sd/- (Husenappa)
Advocate for petitioners
// By Order Of The Court //
Sd/- Chief Ministerial Officer
Civil Judge & JMFC court
Raichur.
ಪುರಸಭೆ ಕಾರ್ಯಾಲಯ ಲಿಂಗಸುಗೂರು
ಸಂಖ್ಯೆ:ಪುಸಲಿಂ:ಕಾಮಗಾರಿ:ಅಲ್ಪಾವಧಿ:ಟೆಂಡರ್:07:2024-25	ದಿನಾಂಕ : 21.01.2025
ಅಲ್ಪಾವಧಿ ಟೆಂಡರ್ ಪ್ರಕಟಣೆ

ಪುರಸಭೆ ಲಿಂಗಸುಗೂರು ವತಿಯಿಂದ ಸನ್ 2024–25 ನೇ ಸಾಲಿನ ಎಸ್.ಎಫ್.ಸಿ (ಕ್ರ.ಆ), ಸನ್ 2023–24ನೇ ಸಾಲಿನ 15ನೇ ಹಣಕಾಸು ಯೋಜನೆಯಡಿ ಕಾಮಗಾರಿಗಳಿಗೆ ಇ-ಪ್ರೊಕ್ಯೂರ್‌ಮೆಂಟ್ ಮುಖಾಂತರ ಟೆಂಡರ್ ಆಹ್ವಾನಿಸಲಾಗಿದೆ. ಟೆಂಡರ್ ಸಂಖ್ಯೆ : DMA/2024-25/BD/WORK_INDENT35614, DMA/2024-25/BD/WORK_INDENT25909/CALL-3 DMA/2024-25/BD/WORK_INDENT32561 ಈ ಮೇಲ್ಕಂಡ ಟೆಂಡರ್‌ಗಳಿಗೆ ಸಂಬಂಧಿಸಿದ ವಿವರಗಳನ್ನು ದಿನಾಂಕ 10.02.2024 ರ ಒಳಗಾಗಿ ವೆಬ್‌ಸೈಟ್ http://kppp.karnataka.gov.in ನಲ್ಲಿ ಪಡೆಯಬಹುದು. ಹೆಚ್ಚಿನ ಮಾಹಿತಿಗಾಗಿ ಕಛೇರಿಯ ವೇಳೆಯಲ್ಲಿ ಸಂಪರ್ಕಿಸಬಹುದು ಹಾಗೂ www.linga-sugurutown.mrc.gov.in ಮೂಲಕ ವೀಕ್ಷಿಸಬಹುದು.

ಸಹಿ/-
ಅಧ್ಯಕ್ಷರು
ಪುರಸಭೆ ಲಿಂಗಸುಗೂರು
ಸಹಿ/-
ಮುಖ್ಯಾಧಿಕಾರಿಗಳು
ಪುರಸಭೆ ಲಿಂಗಸುಗೂರು
CITATION
In the Court of the Hon'ble Prl. Civil Judge & J.M.F.C.
at Shorapur.
Crl. Misc. Case.No. 65 of 2025

1. Neelamma W/o Late Tippanna Agasar age 65 years, occ. house hold. 2. Mareppa S/o Late Tippanna Agasar age 37 years, occ. agri, Both R/o Budabhovigalli Shorapur. Tq. Shorapur. Dist. Yadgiri. 3. Chandrashekar S/o Late Laxmanna Agasar age 30 years, occ. agri, R/o Gundalagera village Tq. Hunsagi. Dist. Yadgiri. 4. Renuka W/o Bhimanna age 35 years, occ. house hold. 5. Maheshwari D/o Bhimanna age 13 years, minor. 6. Tarun S/o Bhimanna age 11 years, minor, the petitioners. No. 5 & 6 are Minors through U/g of their real mother Renuka w/o Bhimanna (Petitioner.No.4) All R/o Budabhovigalli Shorapur. Tq. Shorapur. Dist. Yadgiri. ..... Petitioners.

-V/s-

1. The Tahasildar Shorapur.Tq.Shorapur. Dist. Yadgiri. 2. All Concerned. ..... Respondents.

Claim : Petition U/s 13(3) of Registration of birth & death act.1969 Whereas the above named petitioners have filed an application U/s 13(3) of registration of birth & death act.1969 against the Tahasildar Shorapur and all concerned person for issue of death certificate of late Mallappa S/o Chandappa Agasar stating that the petitioners are the only legal heirs and successors of late Mallappa S/o Chandappa Agasar who was died on 29-07-2015 at Talwargera village. Tq.Shorapur. Dist. Yadgiri. Hence the petitioners have filed this petition for issue of death certificate.

Therefore you are hereby directed to all concerned in the above case and to appear before this court on 27-02-2025 in person or through pleader duly instruct to answer the petition, failing which necessary order will be passed in your absence accordingly.

Given under my hand seal of this court on this 23rd day of Jan 2025 at Shorapur.

Sd/- B.M.Hosmani
Advocate for the petitioners.
// By Order Of The Court //
Sd/- C.M.O.
Civil Judge & JMFC court
Shorapur. Dist. Yadgiri.
CITATION
In the Court of the Hon'ble Prl. Civil Judge & J.M.F.C.
at Shorapur.
Crl. Misc. Case.No. 69 of 2025

1. Neelamma W/o Late Tippanna Agasar age 65 years, occ. house hold. 2. Mareppa S/o Late Tippanna Agasar age 37 years, occ. agri, Both R/o Budabhovigalli Shorapur. Tq. Shorapur. Dist. Yadgiri. 3. Chandrashekar S/o Late Laxmanna Agasar age 30 years, occ. agri, R/o Gundalagera village Tq. Hunsagi. Dist. Yadgiri. 4. Renuka W/o Bhimanna age 35 years, occ. house hold. 5. Maheshwari D/o Bhimanna age 13 years, minor. 6. Tarun S/o Bhimanna age 11 years, minor, the petitioners. No. 5 & 6 are Minors through U/g of their real mother Renuka w/o Bhimanna (Petitioner.No.4) All R/o Budabhovigalli Shorapur. Tq. Shorapur. Dist. Yadgiri. ..... Petitioners.

-V/s-

1. The Tahasildar Shorapur.Tq.Shorapur. Dist. Yadgiri. 2. All Concerned. ..... Respondents.

Claim : Petition U/s 13(3) of Registration of birth & death act.1969 Whereas the above named petitioners have filed an application U/s 13(3) of registration of birth & death act.1969 against the Tahasildar Shorapur and all concerned person for issue of death certificate of late Kareemma W/o Chandappa Agasar stating that the petitioners are the only legal heirs and successors of late Kareemma W/o Chandappa Agasar who was died on 15-09-1994 at Talwargera village. Tq.Shorapur. Dist. Yadgiri. Hence the petitioners have filed this petition for issue of death certificate.

Therefore you are hereby directed to all concerned in the above case and to appear before this court on 27-02-2025 in person or through pleader duly instruct to answer the petition, failing which necessary order will be passed in your absence accordingly.

Given under my hand seal of this court on this 23rd day of Jan 2025 at Shorapur.

Sd/- B.M.Hosmani
Advocate for the petitioners.
// By Order Of The Court //
Sd/- C.M.O.
Civil Judge & JMFC court
Shorapur. Dist. Yadgiri.
CITATION
In the Court of the Hon'ble Prl. Civil Judge & J.M.F.C.
at Shorapur.
Crl. Misc. Case.No. 70 of 2025

1. Neelamma W/o Late Tippanna Agasar age 65 years, occ. house hold. 2. Mareppa S/o Late Tippanna Agasar age 37 years, occ. agri, Both R/o Budabhovigalli Shorapur. Tq. Shorapur. Dist. Yadgiri. 3. Chandrashekar S/o Late Laxmanna Agasar age 30 years, occ. agri, R/o Gundalagera village Tq. Hunsagi. Dist. Yadgiri. 4. Renuka W/o Bhimanna age 35 years, occ. house hold. 5. Maheshwari D/o Bhimanna age 13 years, minor. 6. Tarun S/o Bhimanna age 11 years, minor, the petitioners. No. 5 & 6 are Minors through U/g of their real mother Renuka w/o Bhimanna (Petitioner.No.4) All R/o Budabhovigalli Shorapur. Tq. Shorapur. Dist. Yadgiri. ..... Petitioners.

-V/s-

1. The Tahasildar Shorapur.Tq.Shorapur. Dist. Yadgiri. 2. All Concerned. ..... Respondents.

Claim : Petition U/s 13(3) of Registration of birth & death act.1969 Whereas the above named petitioners have filed an application U/s 13(3) of registration of birth & death act.1969 against the Tahasildar Shorapur and all concerned person for issue of death certificate of late Chandappa S/o Mallappa Agasar stating that the petitioners are the only legal heirs and successors of late Chandappa S/o Mallappa Agasar who was died on 20-09-1983 at Talwargera village. Tq.Shorapur. Dist. Yadgiri. Hence the petitioners have filed this petition for issue of death certificate.

Therefore you are hereby directed to all concerned in the above case and to appear before this court on 27-02-2025 in person or through pleader duly instruct to answer the petition, failing which necessary order will be passed in your absence accordingly.

Given under my hand seal of this court on this 23rd day of Jan 2025 at Shorapur.

Sd/- B.M.Hosmani
Advocate for the petitioners.
// By Order Of The Court //
Sd/- C.M.O.
Civil Judge & JMFC court
Shorapur. Dist. Yadgiri.
